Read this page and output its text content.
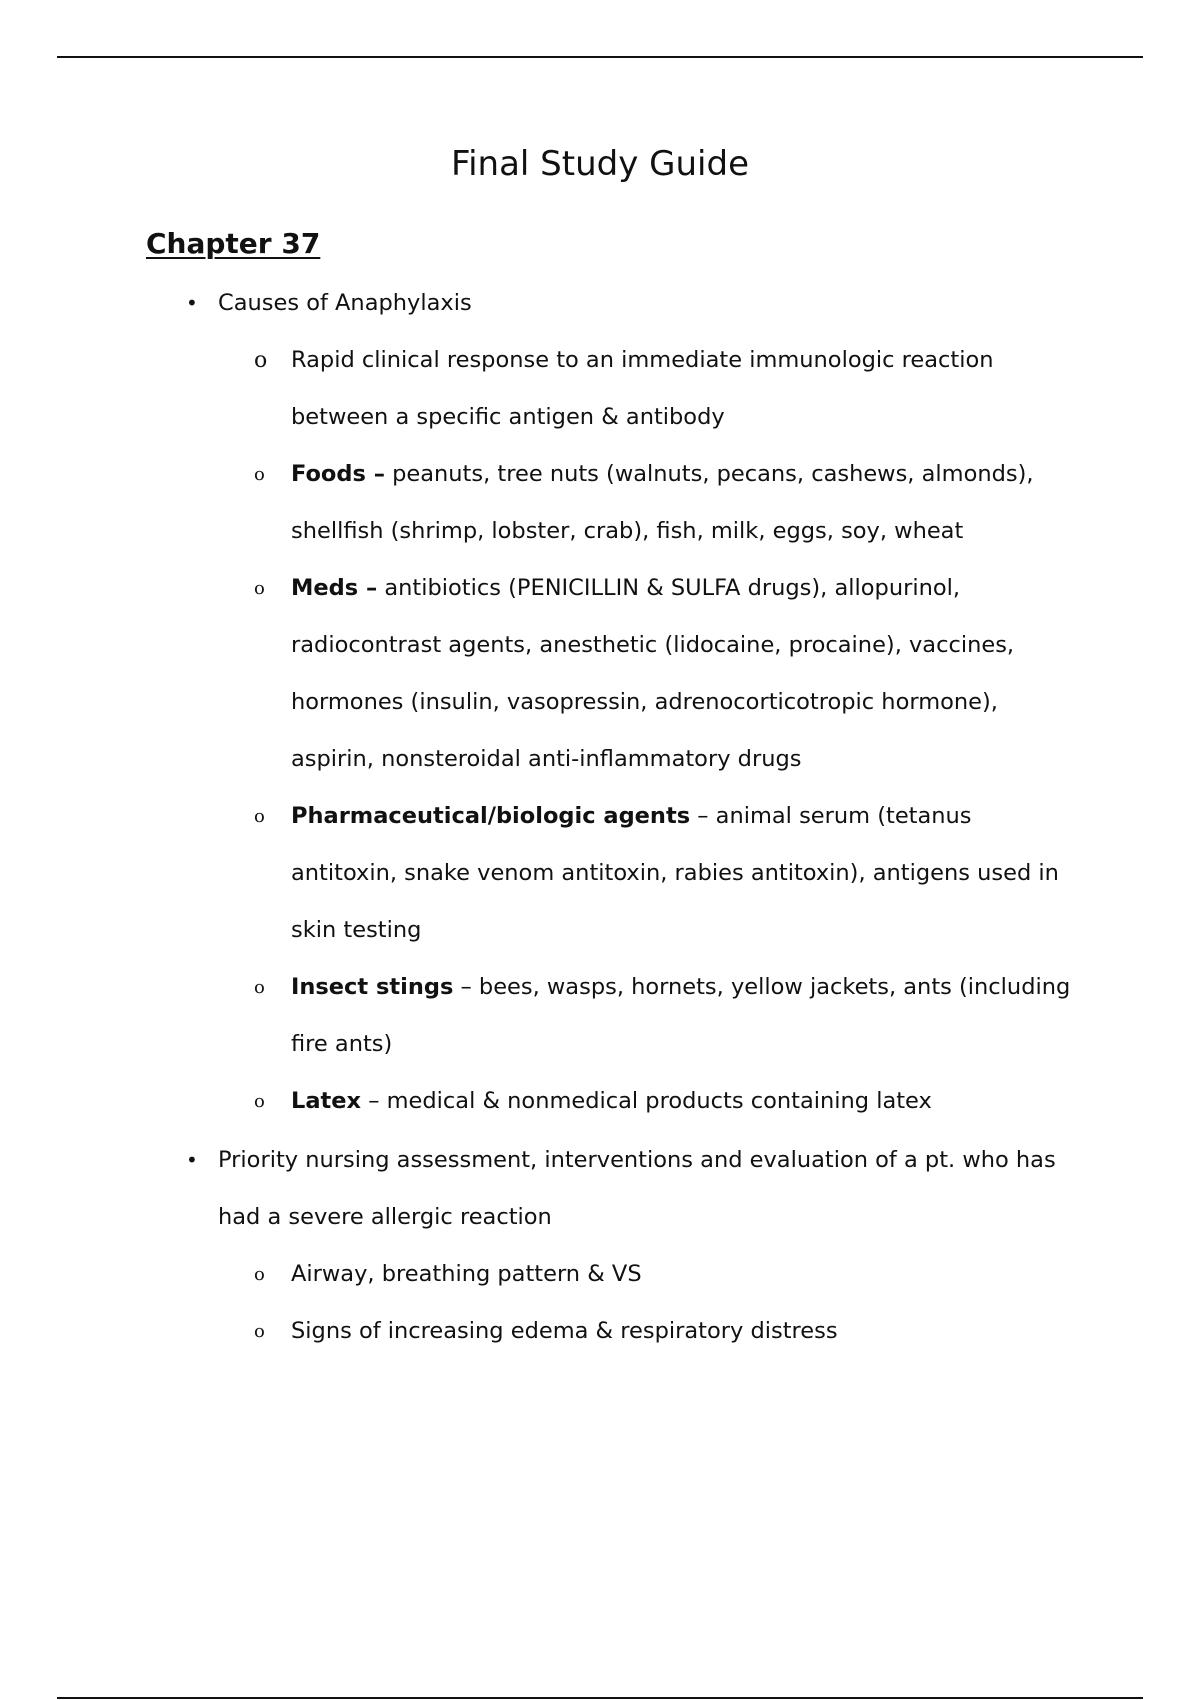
Final Study Guide
Chapter 37
• Causes of Anaphylaxis
o Rapid clinical response to an immediate immunologic reaction between a specific antigen & antibody
o Foods – peanuts, tree nuts (walnuts, pecans, cashews, almonds), shellfish (shrimp, lobster, crab), fish, milk, eggs, soy, wheat
o Meds – antibiotics (PENICILLIN & SULFA drugs), allopurinol, radiocontrast agents, anesthetic (lidocaine, procaine), vaccines, hormones (insulin, vasopressin, adrenocorticotropic hormone), aspirin, nonsteroidal anti-inflammatory drugs
o Pharmaceutical/biologic agents – animal serum (tetanus antitoxin, snake venom antitoxin, rabies antitoxin), antigens used in skin testing
o Insect stings – bees, wasps, hornets, yellow jackets, ants (including fire ants)
o Latex – medical & nonmedical products containing latex
• Priority nursing assessment, interventions and evaluation of a pt. who has had a severe allergic reaction
o Airway, breathing pattern & VS
o Signs of increasing edema & respiratory distress
